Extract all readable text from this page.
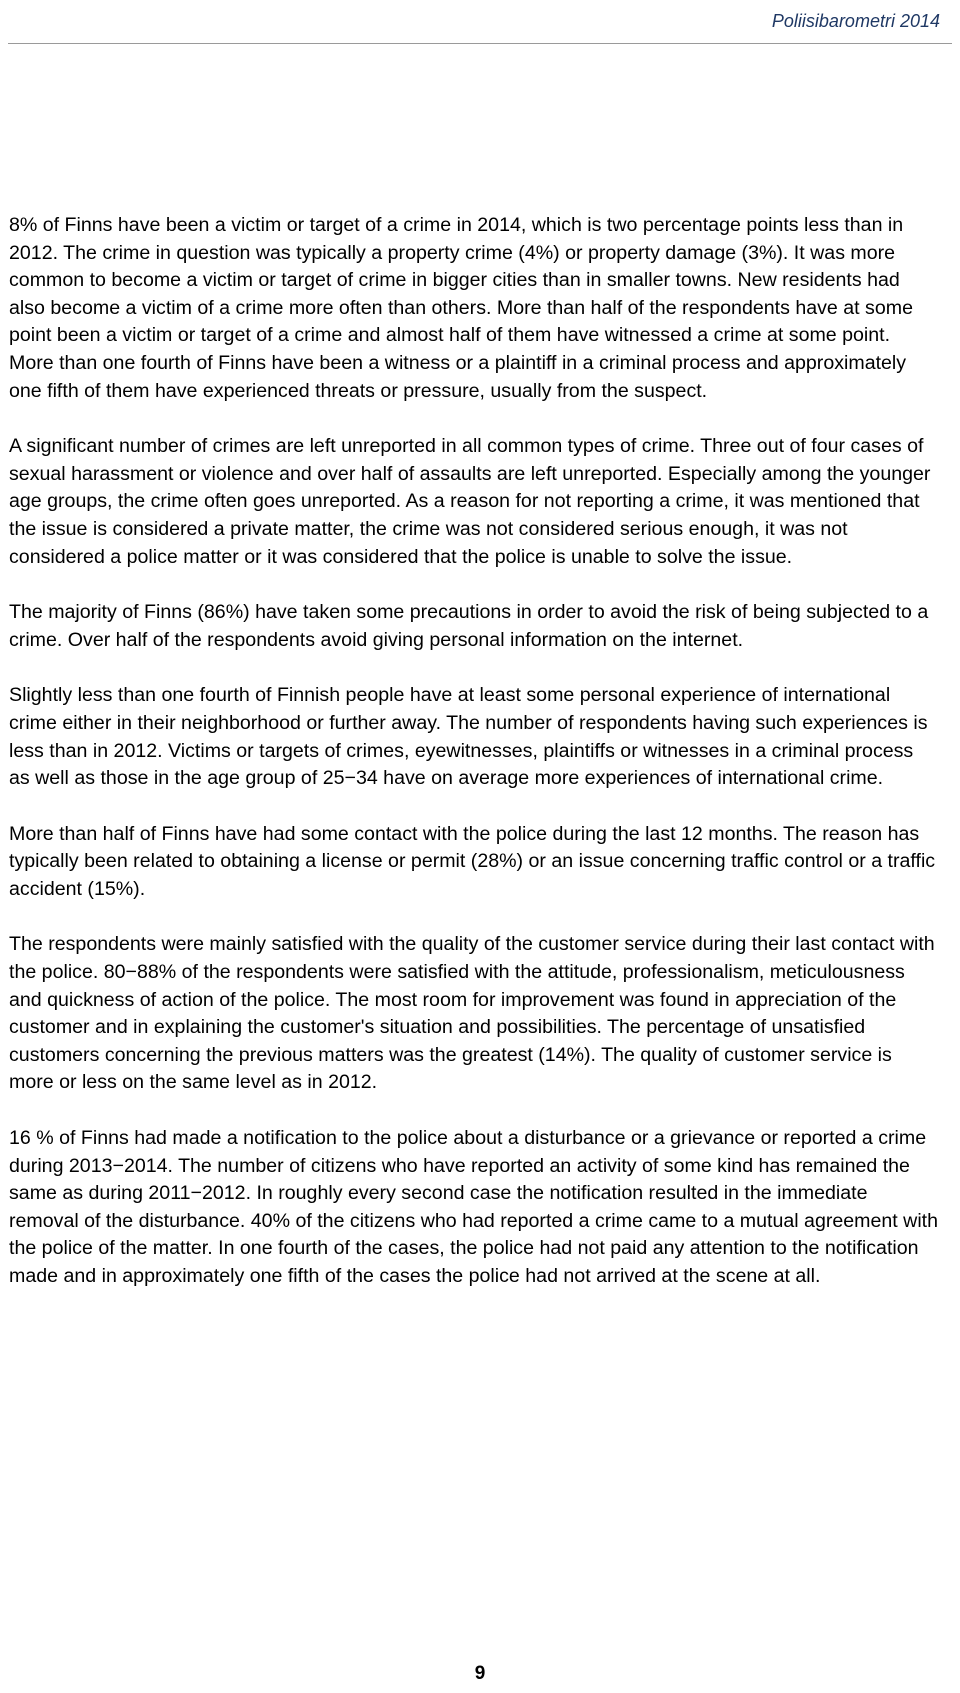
Poliisibarometri 2014

8% of Finns have been a victim or target of a crime in 2014, which is two percentage points less than in 2012. The crime in question was typically a property crime (4%) or property damage (3%). It was more common to become a victim or target of crime in bigger cities than in smaller towns. New residents had also become a victim of a crime more often than others. More than half of the respondents have at some point been a victim or target of a crime and almost half of them have witnessed a crime at some point. More than one fourth of Finns have been a witness or a plaintiff in a criminal process and approximately one fifth of them have experienced threats or pressure, usually from the suspect.

A significant number of crimes are left unreported in all common types of crime. Three out of four cases of sexual harassment or violence and over half of assaults are left unreported. Especially among the younger age groups, the crime often goes unreported. As a reason for not reporting a crime, it was mentioned that the issue is considered a private matter, the crime was not considered serious enough, it was not considered a police matter or it was considered that the police is unable to solve the issue.

The majority of Finns (86%) have taken some precautions in order to avoid the risk of being subjected to a crime. Over half of the respondents avoid giving personal information on the internet.

Slightly less than one fourth of Finnish people have at least some personal experience of international crime either in their neighborhood or further away. The number of respondents having such experiences is less than in 2012. Victims or targets of crimes, eyewitnesses, plaintiffs or witnesses in a criminal process as well as those in the age group of 25−34 have on average more experiences of international crime.

More than half of Finns have had some contact with the police during the last 12 months. The reason has typically been related to obtaining a license or permit (28%) or an issue concerning traffic control or a traffic accident (15%).

The respondents were mainly satisfied with the quality of the customer service during their last contact with the police. 80−88% of the respondents were satisfied with the attitude, professionalism, meticulousness and quickness of action of the police. The most room for improvement was found in appreciation of the customer and in explaining the customer's situation and possibilities. The percentage of unsatisfied customers concerning the previous matters was the greatest (14%). The quality of customer service is more or less on the same level as in 2012.

16 % of Finns had made a notification to the police about a disturbance or a grievance or reported a crime during 2013−2014. The number of citizens who have reported an activity of some kind has remained the same as during 2011−2012. In roughly every second case the notification resulted in the immediate removal of the disturbance. 40% of the citizens who had reported a crime came to a mutual agreement with the police of the matter. In one fourth of the cases, the police had not paid any attention to the notification made and in approximately one fifth of the cases the police had not arrived at the scene at all.

9
